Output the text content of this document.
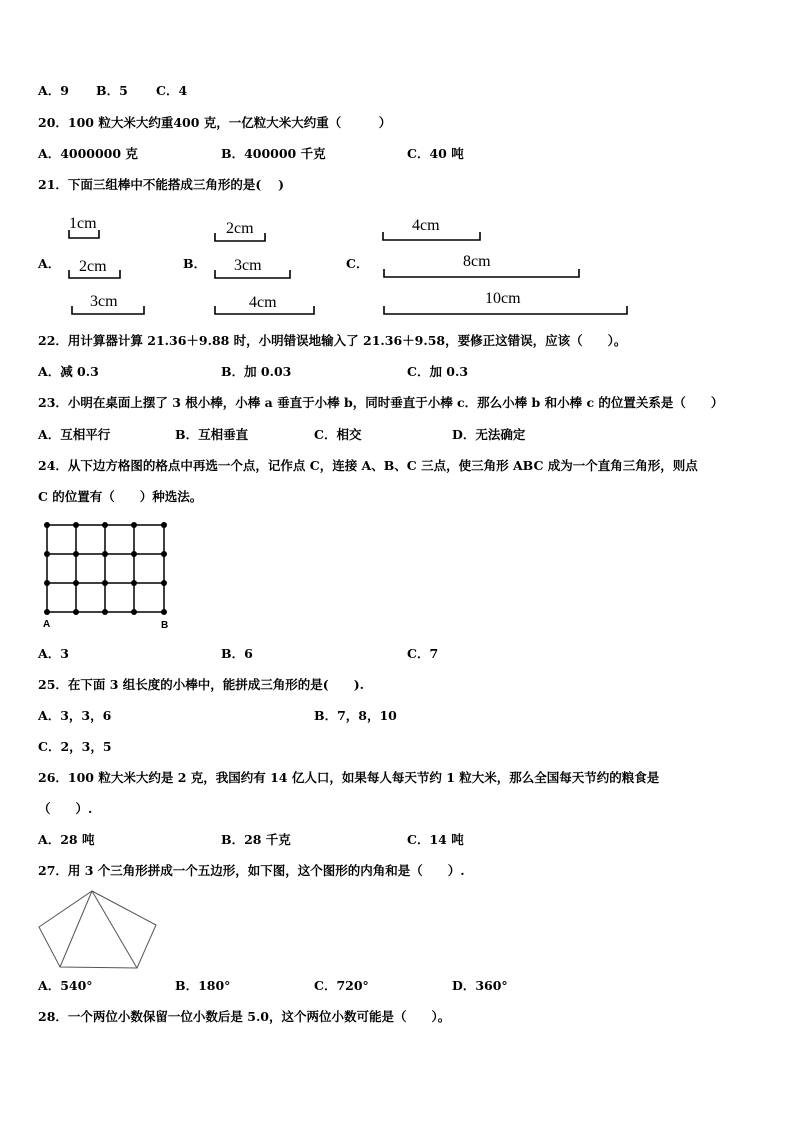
A．9 B．5 C．4
20．100 粒大米大约重400 克，一亿粒大米大约重（　　　）
A．4000000 克	B．400000 千克	C．40 吨
21．下面三组棒中不能搭成三角形的是(　 )
A．	B．	C．
1cm
2cm
3cm
2cm
3cm
4cm
4cm
8cm
10cm
22．用计算器计算 21.36＋9.88 时，小明错误地输入了 21.36＋9.58，要修正这错误，应该（　　）。
A．减 0.3	B．加 0.03	C．加 0.3
23．小明在桌面上摆了 3 根小棒，小棒 a 垂直于小棒 b，同时垂直于小棒 c．那么小棒 b 和小棒 c 的位置关系是（　　）
A．互相平行	B．互相垂直	C．相交	D．无法确定
24．从下边方格图的格点中再选一个点，记作点 C，连接 A、B、C 三点，使三角形 ABC 成为一个直角三角形，则点
C 的位置有（　　）种选法。
A	B
A．3	B．6	C．7
25．在下面 3 组长度的小棒中，能拼成三角形的是(　　).
A．3，3，6	B．7，8，10
C．2，3，5
26．100 粒大米大约是 2 克，我国约有 14 亿人口，如果每人每天节约 1 粒大米，那么全国每天节约的粮食是
（　　）.
A．28 吨	B．28 千克	C．14 吨
27．用 3 个三角形拼成一个五边形，如下图，这个图形的内角和是（　　）.
A．540°	B．180°	C．720°	D．360°
28．一个两位小数保留一位小数后是 5.0，这个两位小数可能是（　　）。
